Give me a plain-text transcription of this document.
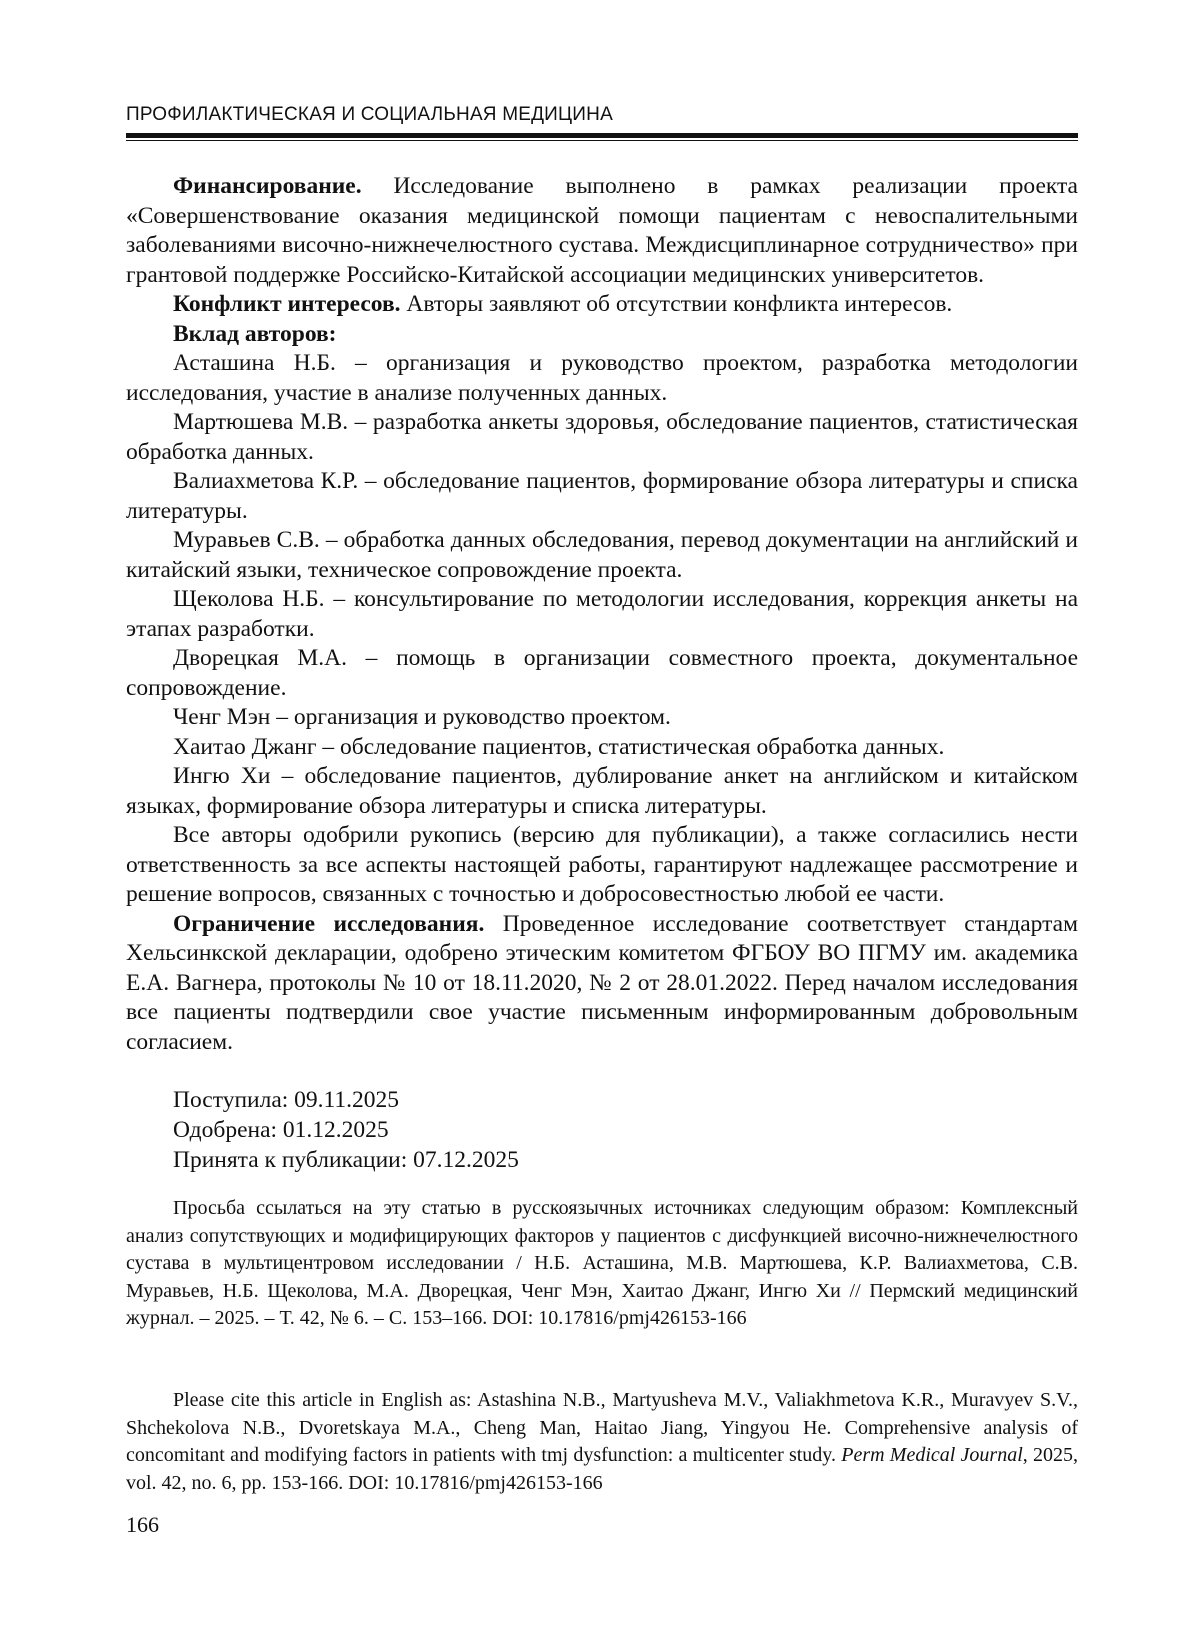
ПРОФИЛАКТИЧЕСКАЯ И СОЦИАЛЬНАЯ МЕДИЦИНА

Финансирование. Исследование выполнено в рамках реализации проекта «Совершенствование оказания медицинской помощи пациентам с невоспалительными заболеваниями височно-нижнечелюстного сустава. Междисциплинарное сотрудничество» при грантовой поддержке Российско-Китайской ассоциации медицинских университетов.

Конфликт интересов. Авторы заявляют об отсутствии конфликта интересов.

Вклад авторов:

Асташина Н.Б. – организация и руководство проектом, разработка методологии исследования, участие в анализе полученных данных.

Мартюшева М.В. – разработка анкеты здоровья, обследование пациентов, статистическая обработка данных.

Валиахметова К.Р. – обследование пациентов, формирование обзора литературы и списка литературы.

Муравьев С.В. – обработка данных обследования, перевод документации на английский и китайский языки, техническое сопровождение проекта.

Щеколова Н.Б. – консультирование по методологии исследования, коррекция анкеты на этапах разработки.

Дворецкая М.А. – помощь в организации совместного проекта, документальное сопровождение.

Ченг Мэн – организация и руководство проектом.

Хаитао Джанг – обследование пациентов, статистическая обработка данных.

Ингю Хи – обследование пациентов, дублирование анкет на английском и китайском языках, формирование обзора литературы и списка литературы.

Все авторы одобрили рукопись (версию для публикации), а также согласились нести ответственность за все аспекты настоящей работы, гарантируют надлежащее рассмотрение и решение вопросов, связанных с точностью и добросовестностью любой ее части.

Ограничение исследования. Проведенное исследование соответствует стандартам Хельсинкской декларации, одобрено этическим комитетом ФГБОУ ВО ПГМУ им. академика Е.А. Вагнера, протоколы № 10 от 18.11.2020, № 2 от 28.01.2022. Перед началом исследования все пациенты подтвердили свое участие письменным информированным добровольным согласием.

Поступила: 09.11.2025
Одобрена: 01.12.2025
Принята к публикации: 07.12.2025
Просьба ссылаться на эту статью в русскоязычных источниках следующим образом: Комплексный анализ сопутствующих и модифицирующих факторов у пациентов с дисфункцией височно-нижнечелюстного сустава в мультицентровом исследовании / Н.Б. Асташина, М.В. Мартюшева, К.Р. Валиахметова, С.В. Муравьев, Н.Б. Щеколова, М.А. Дворецкая, Ченг Мэн, Хаитао Джанг, Ингю Хи // Пермский медицинский журнал. – 2025. – Т. 42, № 6. – С. 153–166. DOI: 10.17816/pmj426153-166
Please cite this article in English as: Astashina N.B., Martyusheva M.V., Valiakhmetova K.R., Muravyev S.V., Shchekolova N.B., Dvoretskaya M.A., Cheng Man, Haitao Jiang, Yingyou He. Comprehensive analysis of concomitant and modifying factors in patients with tmj dysfunction: a multicenter study. Perm Medical Journal, 2025, vol. 42, no. 6, pp. 153-166. DOI: 10.17816/pmj426153-166
166
